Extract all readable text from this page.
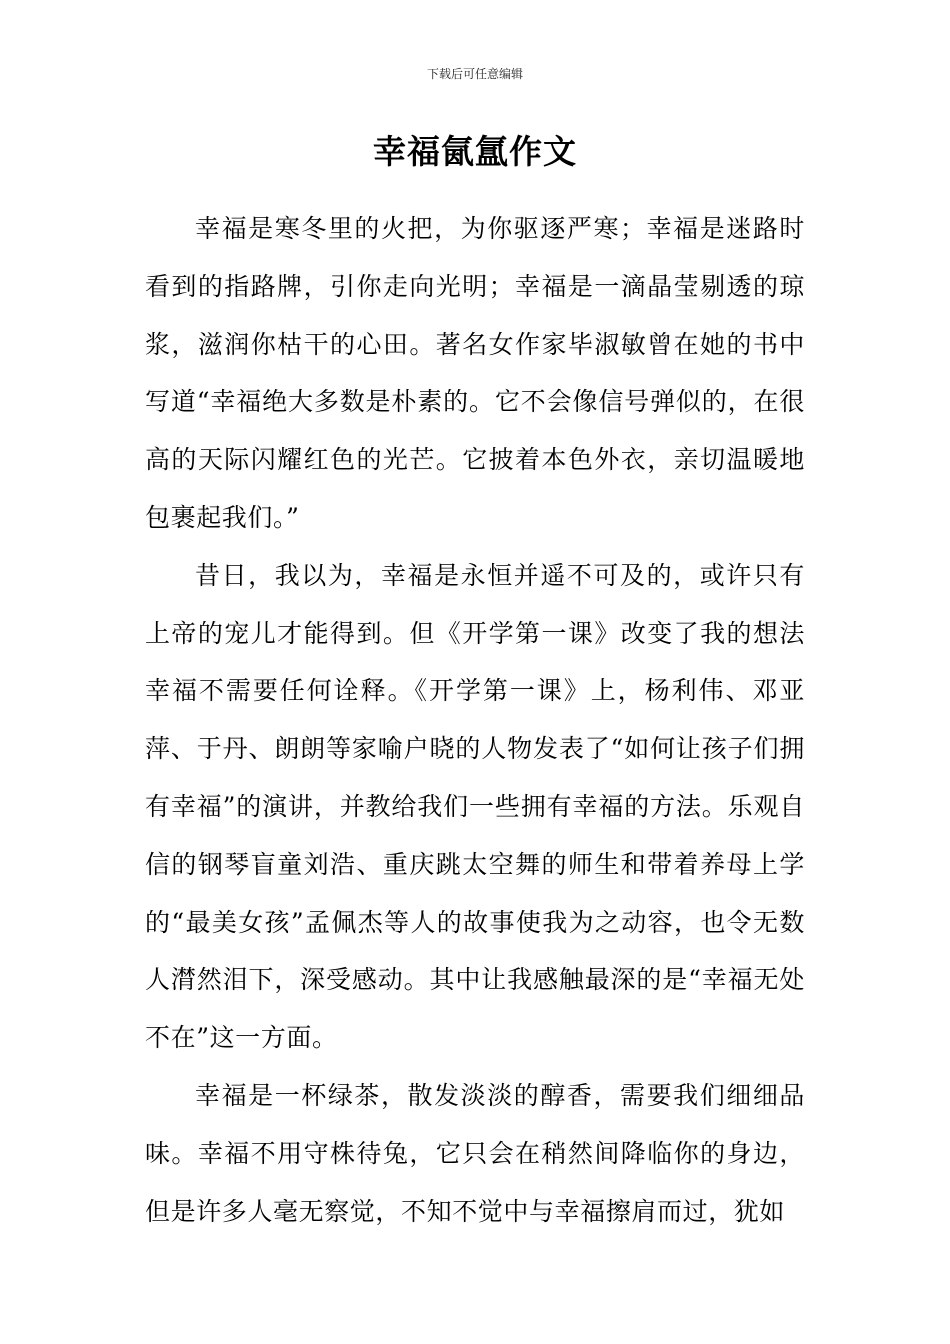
下载后可任意编辑
幸福氤氲作文

幸福是寒冬里的火把，为你驱逐严寒；幸福是迷路时看到的指路牌，引你走向光明；幸福是一滴晶莹剔透的琼浆，滋润你枯干的心田。著名女作家毕淑敏曾在她的书中写道“幸福绝大多数是朴素的。它不会像信号弹似的，在很高的天际闪耀红色的光芒。它披着本色外衣，亲切温暖地包裹起我们。”

昔日，我以为，幸福是永恒并遥不可及的，或许只有上帝的宠儿才能得到。但《开学第一课》改变了我的想法幸福不需要任何诠释。《开学第一课》上，杨利伟、邓亚萍、于丹、朗朗等家喻户晓的人物发表了“如何让孩子们拥有幸福”的演讲，并教给我们一些拥有幸福的方法。乐观自信的钢琴盲童刘浩、重庆跳太空舞的师生和带着养母上学的“最美女孩”孟佩杰等人的故事使我为之动容，也令无数人潸然泪下，深受感动。其中让我感触最深的是“幸福无处不在”这一方面。

幸福是一杯绿茶，散发淡淡的醇香，需要我们细细品味。幸福不用守株待兔，它只会在稍然间降临你的身边，但是许多人毫无察觉，不知不觉中与幸福擦肩而过，犹如
